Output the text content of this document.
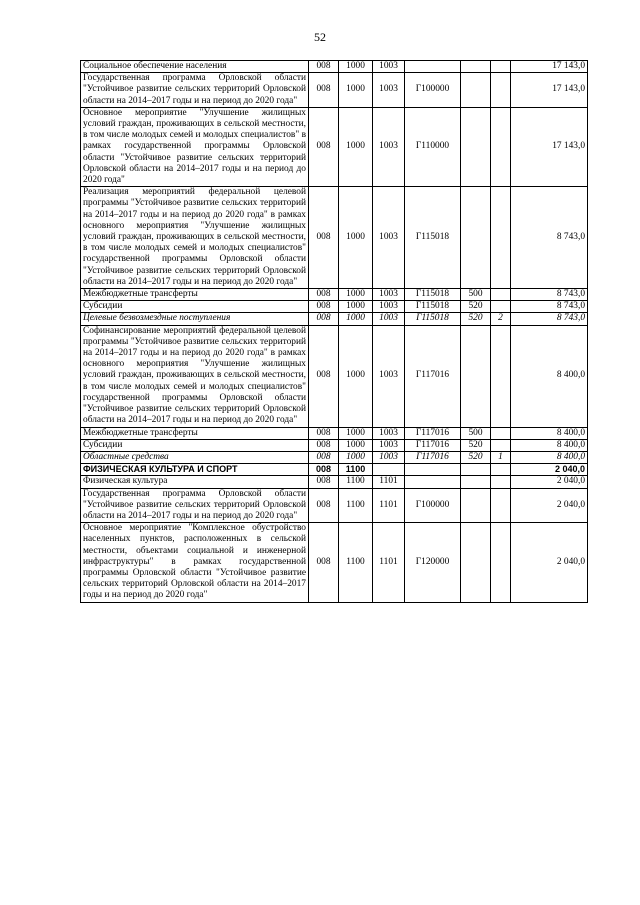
52
Социальное обеспечение населения	008	1000	1003				17 143,0
Государственная программа Орловской области "Устойчивое развитие сельских территорий Орловской области на 2014–2017 годы и на период до 2020 года"	008	1000	1003	Г100000			17 143,0
Основное мероприятие "Улучшение жилищных условий граждан, проживающих в сельской местности, в том числе молодых семей и молодых специалистов" в рамках государственной программы Орловской области "Устойчивое развитие сельских территорий Орловской области на 2014–2017 годы и на период до 2020 года"	008	1000	1003	Г110000			17 143,0
Реализация мероприятий федеральной целевой программы "Устойчивое развитие сельских территорий на 2014–2017 годы и на период до 2020 года" в рамках основного мероприятия "Улучшение жилищных условий граждан, проживающих в сельской местности, в том числе молодых семей и молодых специалистов" государственной программы Орловской области "Устойчивое развитие сельских территорий Орловской области на 2014–2017 годы и на период до 2020 года"	008	1000	1003	Г115018			8 743,0
Межбюджетные трансферты	008	1000	1003	Г115018	500		8 743,0
Субсидии	008	1000	1003	Г115018	520		8 743,0
Целевые безвозмездные поступления	008	1000	1003	Г115018	520	2	8 743,0
Софинансирование мероприятий федеральной целевой программы "Устойчивое развитие сельских территорий на 2014–2017 годы и на период до 2020 года" в рамках основного мероприятия "Улучшение жилищных условий граждан, проживающих в сельской местности, в том числе молодых семей и молодых специалистов" государственной программы Орловской области "Устойчивое развитие сельских территорий Орловской области на 2014–2017 годы и на период до 2020 года"	008	1000	1003	Г117016			8 400,0
Межбюджетные трансферты	008	1000	1003	Г117016	500		8 400,0
Субсидии	008	1000	1003	Г117016	520		8 400,0
Областные средства	008	1000	1003	Г117016	520	1	8 400,0
ФИЗИЧЕСКАЯ КУЛЬТУРА И СПОРТ	008	1100					2 040,0
Физическая культура	008	1100	1101				2 040,0
Государственная программа Орловской области "Устойчивое развитие сельских территорий Орловской области на 2014–2017 годы и на период до 2020 года"	008	1100	1101	Г100000			2 040,0
Основное мероприятие "Комплексное обустройство населенных пунктов, расположенных в сельской местности, объектами социальной и инженерной инфраструктуры" в рамках государственной программы Орловской области "Устойчивое развитие сельских территорий Орловской области на 2014–2017 годы и на период до 2020 года"	008	1100	1101	Г120000			2 040,0
